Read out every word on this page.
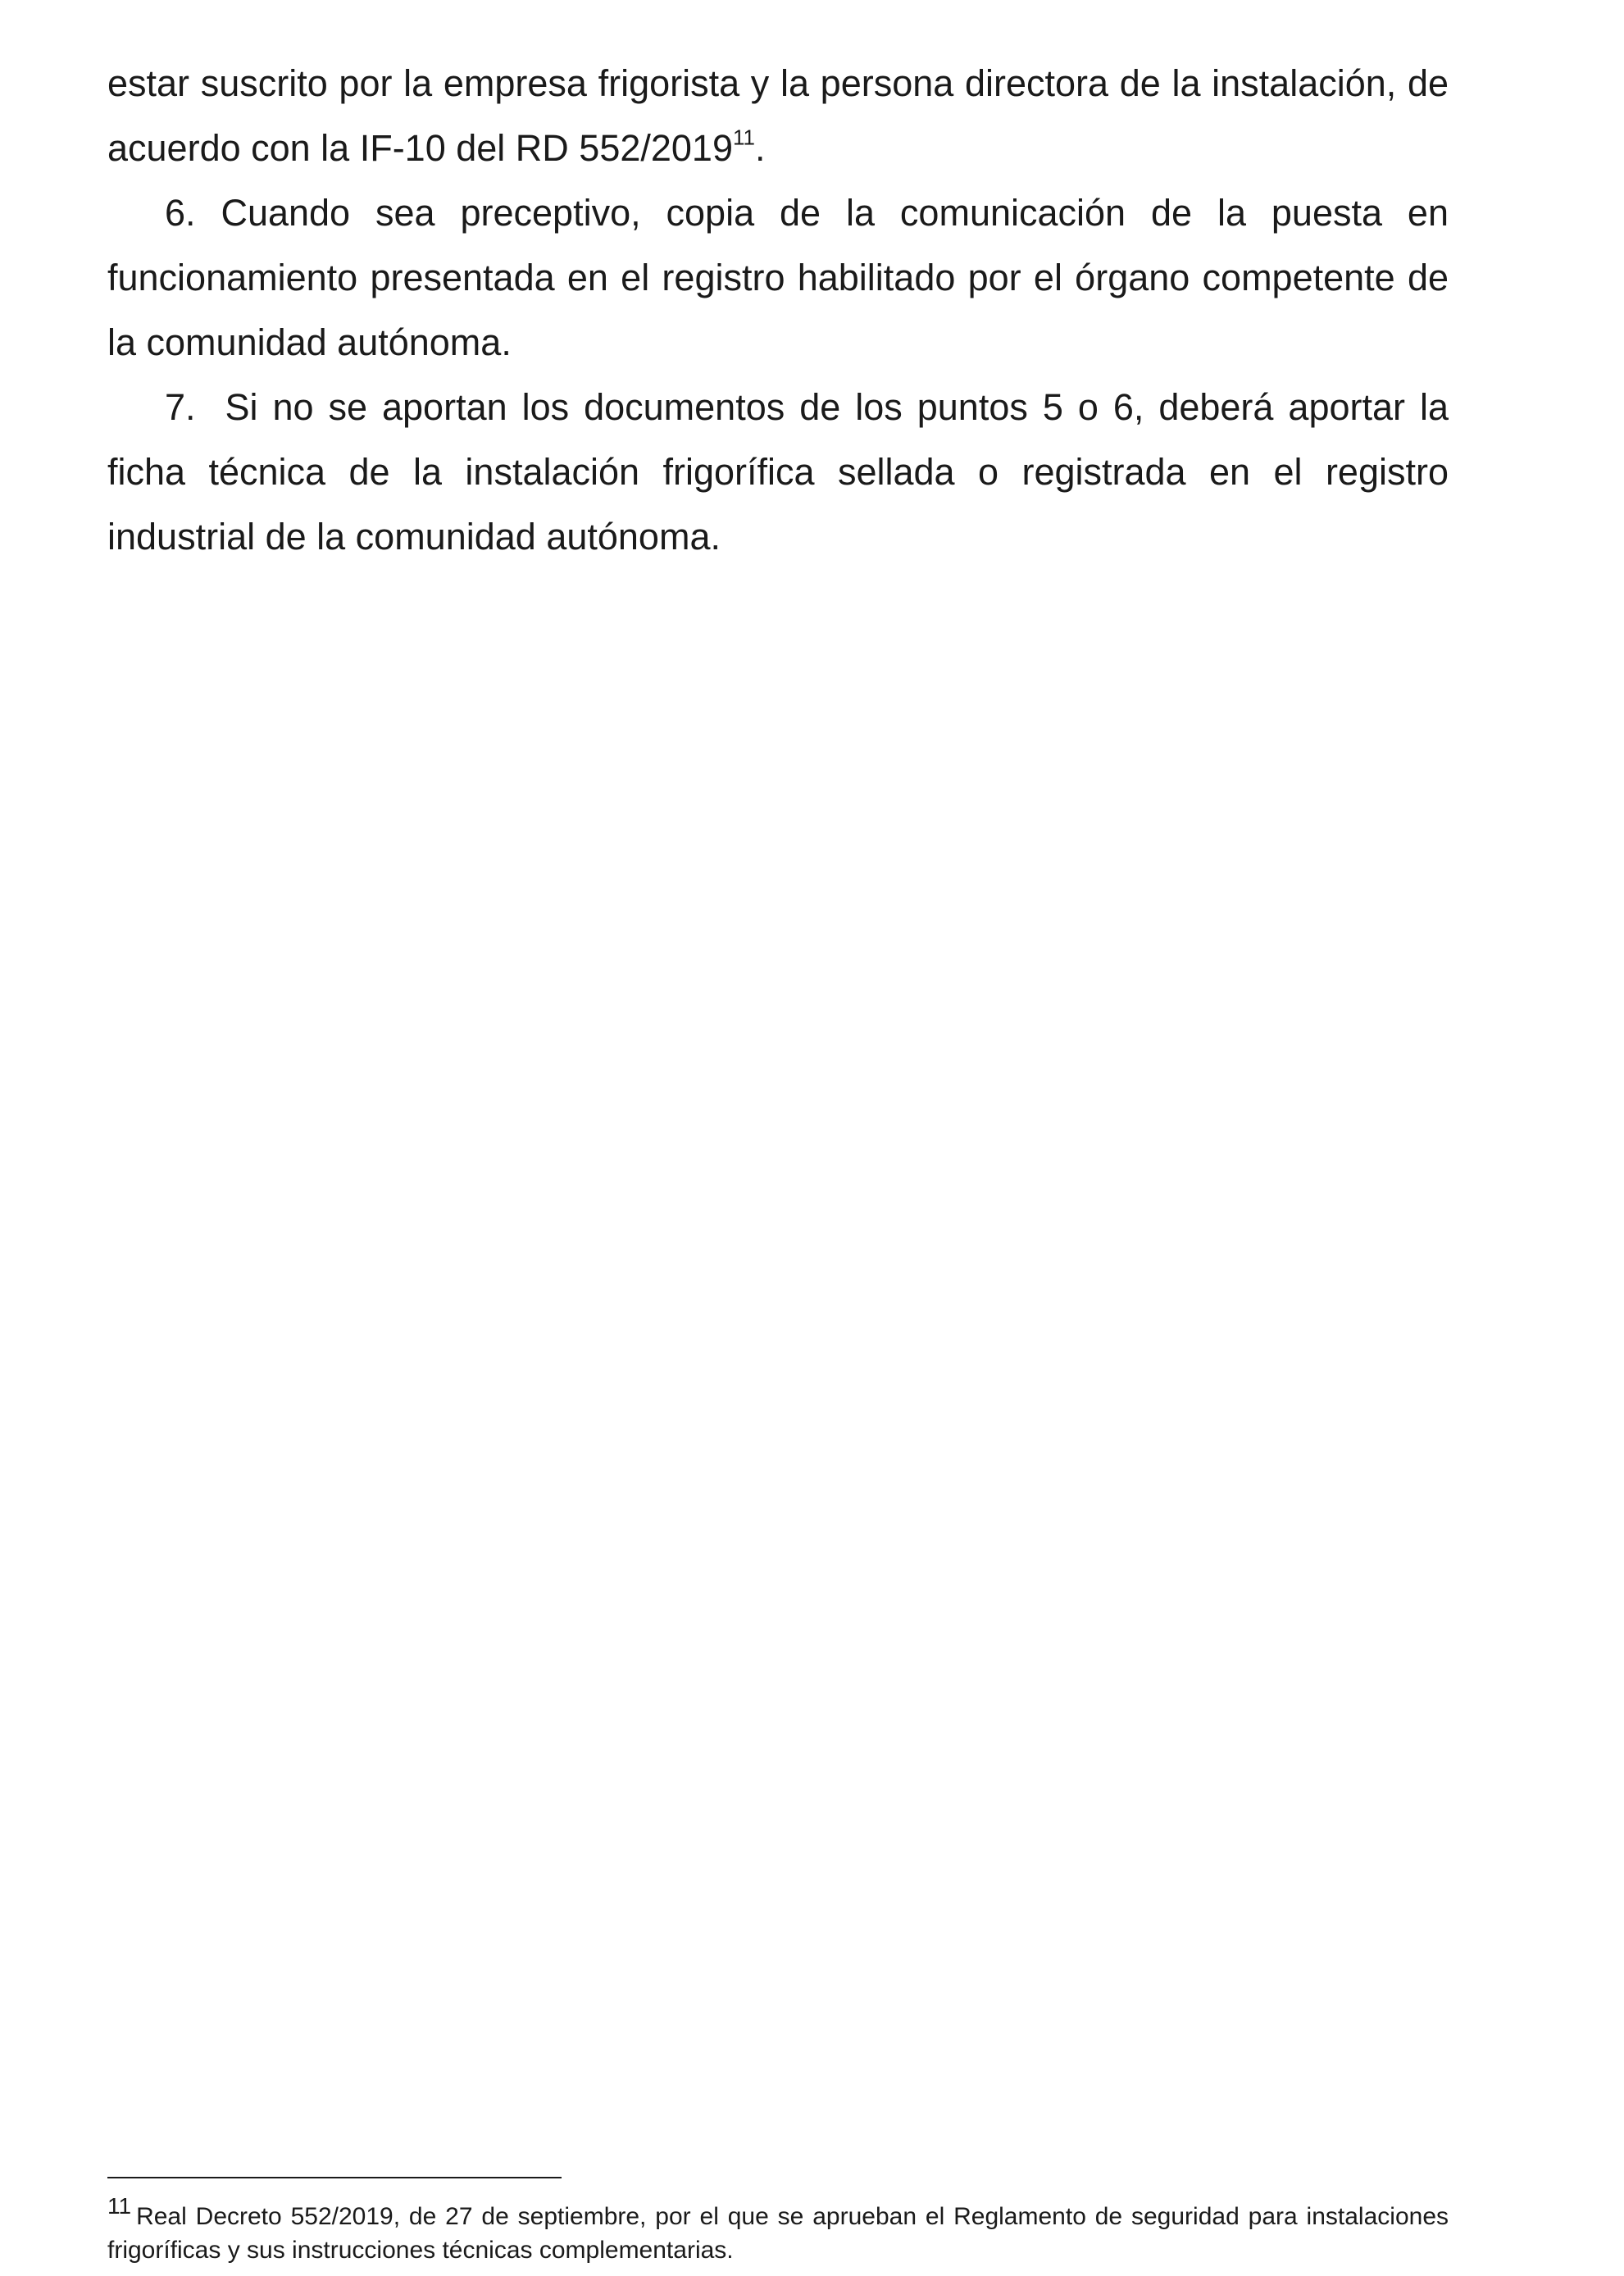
estar suscrito por la empresa frigorista y la persona directora de la instalación, de acuerdo con la IF-10 del RD 552/2019$^{11}$.

6. Cuando sea preceptivo, copia de la comunicación de la puesta en funcionamiento presentada en el registro habilitado por el órgano competente de la comunidad autónoma.

7. Si no se aportan los documentos de los puntos 5 o 6, deberá aportar la ficha técnica de la instalación frigorífica sellada o registrada en el registro industrial de la comunidad autónoma.

$^{11}$ Real Decreto 552/2019, de 27 de septiembre, por el que se aprueban el Reglamento de seguridad para instalaciones frigoríficas y sus instrucciones técnicas complementarias.
